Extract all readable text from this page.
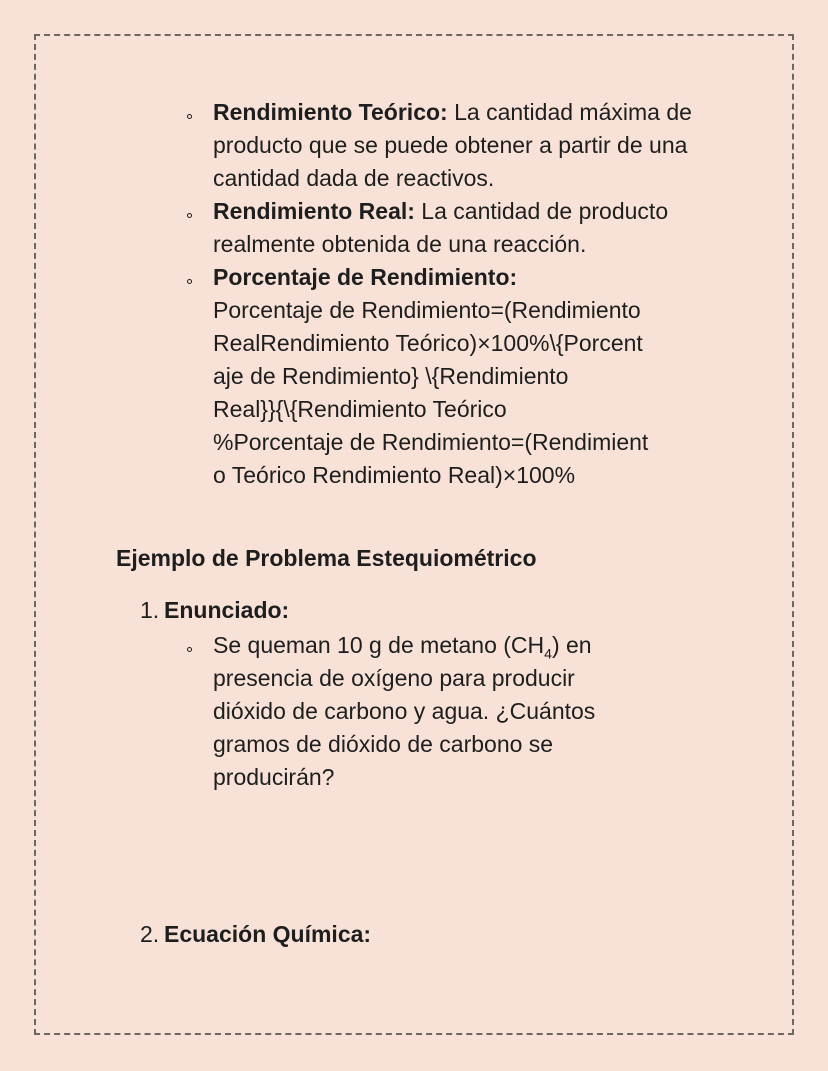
Rendimiento Teórico: La cantidad máxima de producto que se puede obtener a partir de una cantidad dada de reactivos.
Rendimiento Real: La cantidad de producto realmente obtenida de una reacción.
Porcentaje de Rendimiento:
Porcentaje de Rendimiento=(Rendimiento
RealRendimiento Teórico)×100%\{Porcent
aje de Rendimiento} \{Rendimiento
Real}}{\{Rendimiento Teórico
%Porcentaje de Rendimiento=(Rendimient
o Teórico Rendimiento Real)×100%
Ejemplo de Problema Estequiométrico
1. Enunciado:
Se queman 10 g de metano $(CH_4)$ en presencia de oxígeno para producir dióxido de carbono y agua. ¿Cuántos gramos de dióxido de carbono se producirán?
2. Ecuación Química:
